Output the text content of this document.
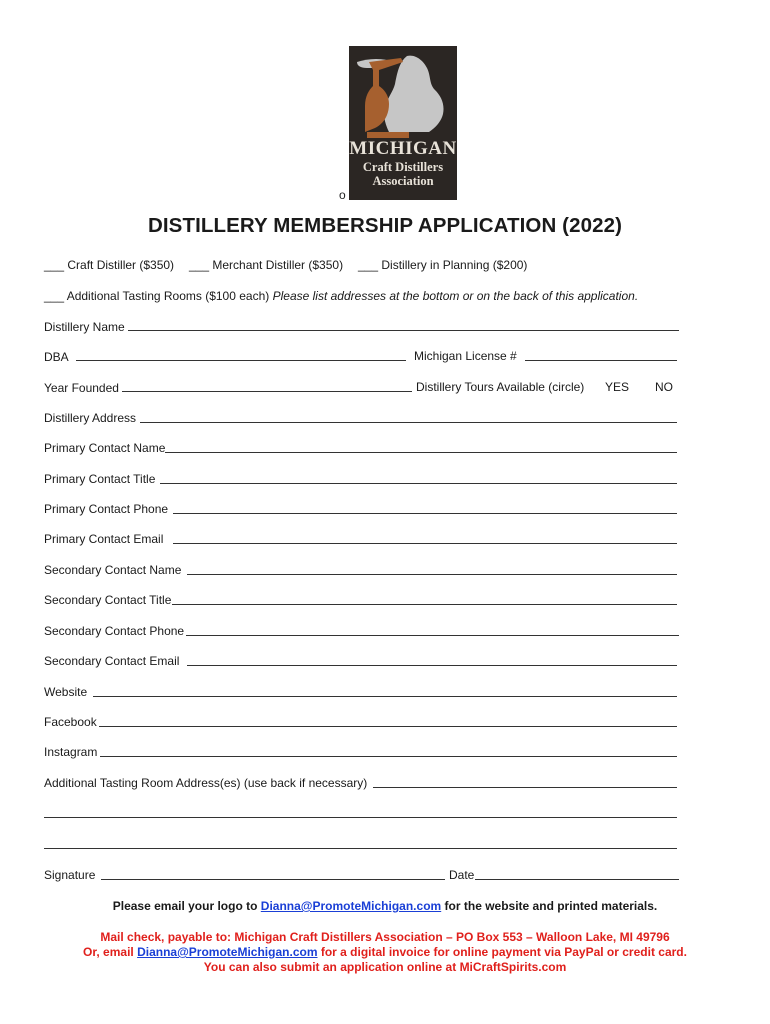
MICHIGAN
Craft Distillers
Association
o
DISTILLERY MEMBERSHIP APPLICATION (2022)
___ Craft Distiller ($350) ___ Merchant Distiller ($350) ___ Distillery in Planning ($200)
___ Additional Tasting Rooms ($100 each) Please list addresses at the bottom or on the back of this application.
Distillery Name
DBA	Michigan License #
Year Founded	Distillery Tours Available (circle) YES NO
Distillery Address
Primary Contact Name
Primary Contact Title
Primary Contact Phone
Primary Contact Email
Secondary Contact Name
Secondary Contact Title
Secondary Contact Phone
Secondary Contact Email
Website
Facebook
Instagram
Additional Tasting Room Address(es) (use back if necessary)
Signature	Date
Please email your logo to Dianna@PromoteMichigan.com for the website and printed materials.
Mail check, payable to: Michigan Craft Distillers Association – PO Box 553 – Walloon Lake, MI 49796
Or, email Dianna@PromoteMichigan.com for a digital invoice for online payment via PayPal or credit card.
You can also submit an application online at MiCraftSpirits.com
